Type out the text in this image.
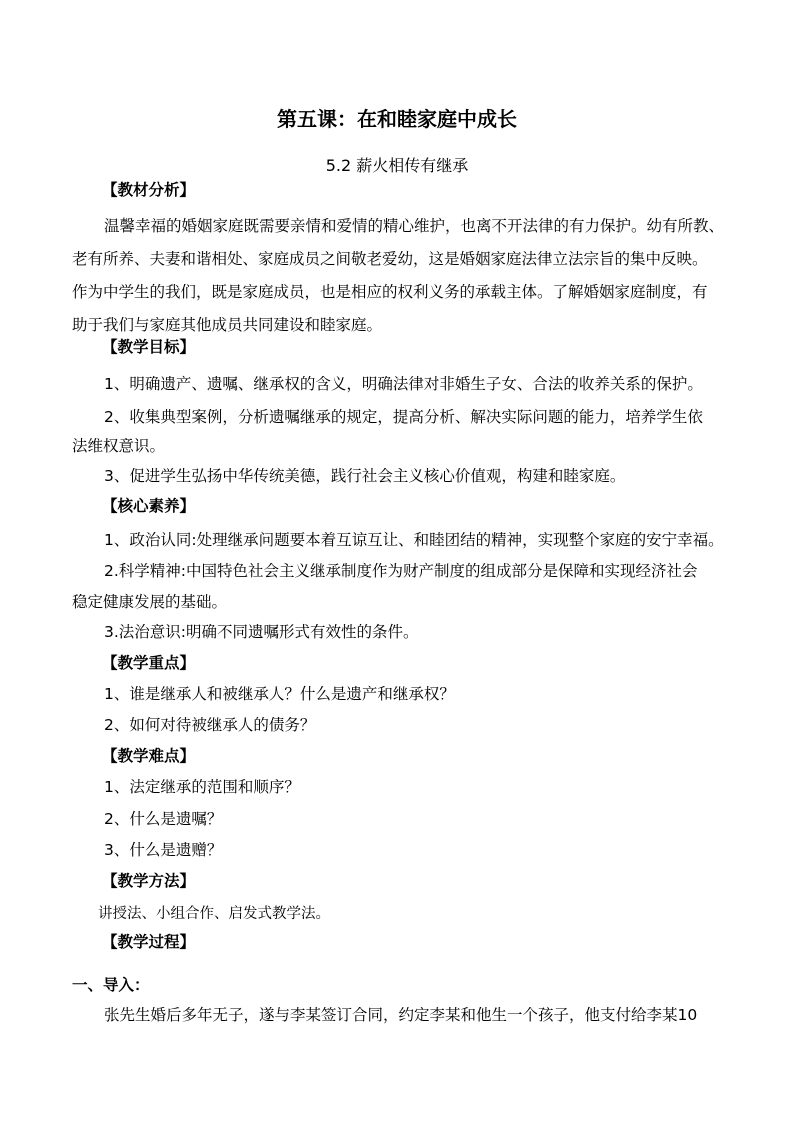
第五课：在和睦家庭中成长
5.2 薪火相传有继承
【教材分析】
温馨幸福的婚姻家庭既需要亲情和爱情的精心维护，也离不开法律的有力保护。幼有所教、
老有所养、夫妻和谐相处、家庭成员之间敬老爱幼，这是婚姻家庭法律立法宗旨的集中反映。
作为中学生的我们，既是家庭成员，也是相应的权利义务的承载主体。了解婚姻家庭制度，有
助于我们与家庭其他成员共同建设和睦家庭。
【教学目标】
1、明确遗产、遗嘱、继承权的含义，明确法律对非婚生子女、合法的收养关系的保护。
2、收集典型案例，分析遗嘱继承的规定，提高分析、解决实际问题的能力，培养学生依
法维权意识。
3、促进学生弘扬中华传统美德，践行社会主义核心价值观，构建和睦家庭。
【核心素养】
1、政治认同:处理继承问题要本着互谅互让、和睦团结的精神，实现整个家庭的安宁幸福。
2.科学精神:中国特色社会主义继承制度作为财产制度的组成部分是保障和实现经济社会
稳定健康发展的基础。
3.法治意识:明确不同遗嘱形式有效性的条件。
【教学重点】
1、谁是继承人和被继承人？什么是遗产和继承权？
2、如何对待被继承人的债务？
【教学难点】
1、法定继承的范围和顺序？
2、什么是遗嘱？
3、什么是遗赠？
【教学方法】
讲授法、小组合作、启发式教学法。
【教学过程】
一、导入：
张先生婚后多年无子，遂与李某签订合同，约定李某和他生一个孩子，他支付给李某10
